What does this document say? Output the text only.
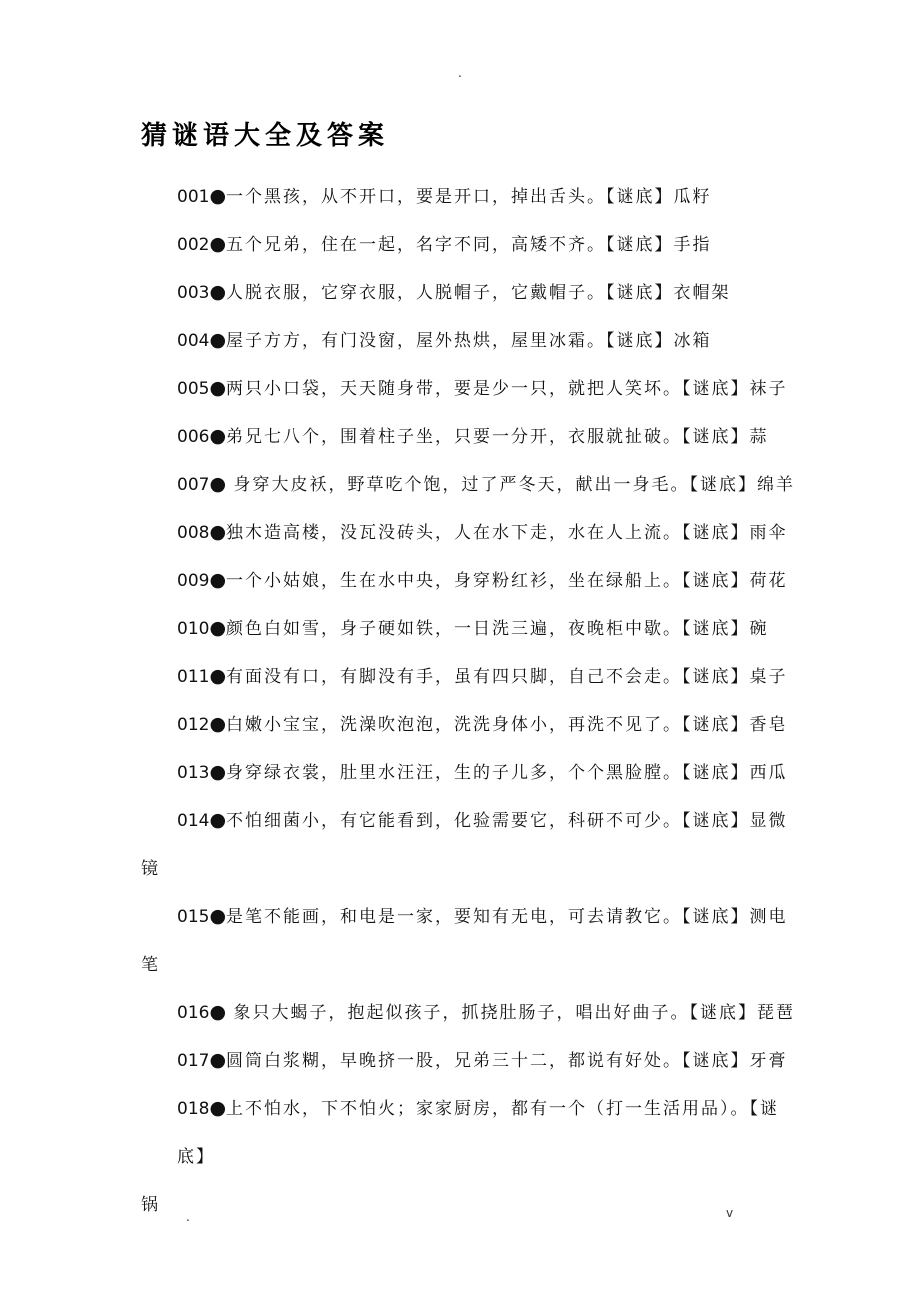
.
猜谜语大全及答案
001●一个黑孩，从不开口，要是开口，掉出舌头。【谜底】瓜籽
002●五个兄弟，住在一起，名字不同，高矮不齐。【谜底】手指
003●人脱衣服，它穿衣服，人脱帽子，它戴帽子。【谜底】衣帽架
004●屋子方方，有门没窗，屋外热烘，屋里冰霜。【谜底】冰箱
005●两只小口袋，天天随身带，要是少一只，就把人笑坏。【谜底】袜子
006●弟兄七八个，围着柱子坐，只要一分开，衣服就扯破。【谜底】蒜
007● 身穿大皮袄，野草吃个饱，过了严冬天，献出一身毛。【谜底】绵羊
008●独木造高楼，没瓦没砖头，人在水下走，水在人上流。【谜底】雨伞
009●一个小姑娘，生在水中央，身穿粉红衫，坐在绿船上。【谜底】荷花
010●颜色白如雪，身子硬如铁，一日洗三遍，夜晚柜中歇。【谜底】碗
011●有面没有口，有脚没有手，虽有四只脚，自己不会走。【谜底】桌子
012●白嫩小宝宝，洗澡吹泡泡，洗洗身体小，再洗不见了。【谜底】香皂
013●身穿绿衣裳，肚里水汪汪，生的子儿多，个个黑脸膛。【谜底】西瓜
014●不怕细菌小，有它能看到，化验需要它，科研不可少。【谜底】显微
镜
015●是笔不能画，和电是一家，要知有无电，可去请教它。【谜底】测电
笔
016● 象只大蝎子，抱起似孩子，抓挠肚肠子，唱出好曲子。【谜底】琵琶
017●圆筒白浆糊，早晚挤一股，兄弟三十二，都说有好处。【谜底】牙膏
018●上不怕水，下不怕火；家家厨房，都有一个（打一生活用品）。【谜底】
锅
.	v
